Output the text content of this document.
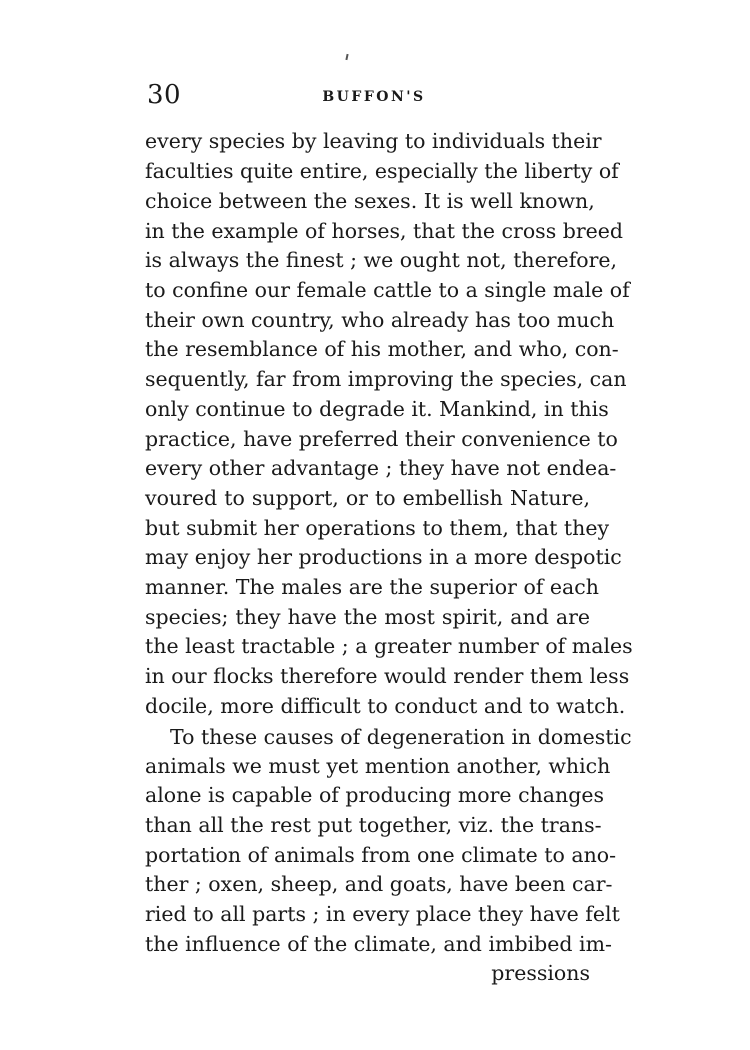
30	BUFFON'S
every species by leaving to individuals their
faculties quite entire, especially the liberty of
choice between the sexes. It is well known,
in the example of horses, that the cross breed
is always the finest ; we ought not, therefore,
to confine our female cattle to a single male of
their own country, who already has too much
the resemblance of his mother, and who, con-
sequently, far from improving the species, can
only continue to degrade it. Mankind, in this
practice, have preferred their convenience to
every other advantage ; they have not endea-
voured to support, or to embellish Nature,
but submit her operations to them, that they
may enjoy her productions in a more despotic
manner. The males are the superior of each
species; they have the most spirit, and are
the least tractable ; a greater number of males
in our flocks therefore would render them less
docile, more difficult to conduct and to watch.
To these causes of degeneration in domestic
animals we must yet mention another, which
alone is capable of producing more changes
than all the rest put together, viz. the trans-
portation of animals from one climate to ano-
ther ; oxen, sheep, and goats, have been car-
ried to all parts ; in every place they have felt
the influence of the climate, and imbibed im-
pressions
